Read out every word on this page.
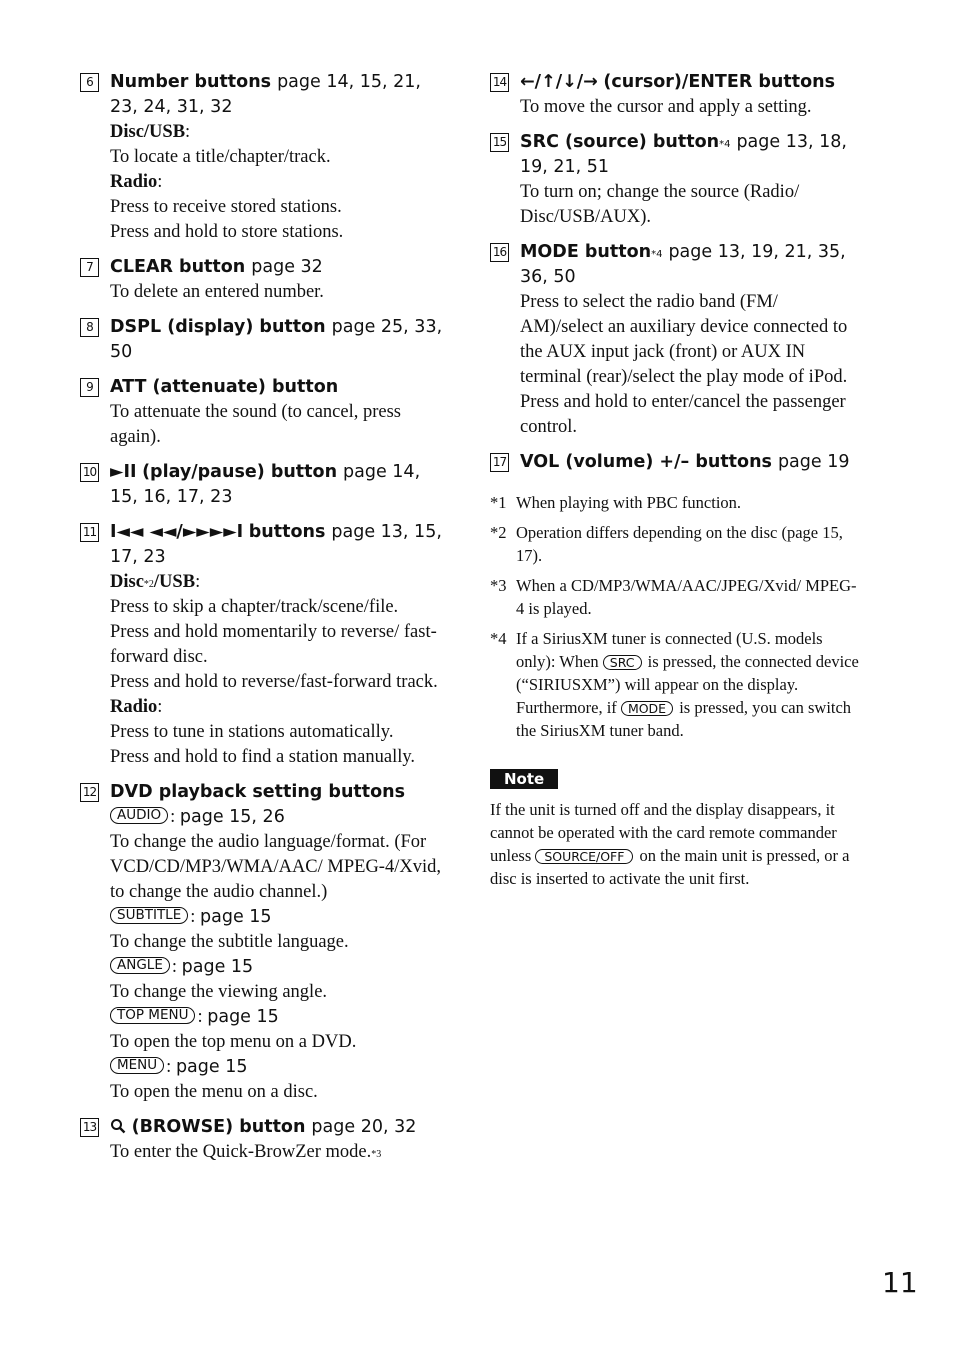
6 Number buttons page 14, 15, 21, 23, 24, 31, 32
Disc/USB:
To locate a title/chapter/track.
Radio:
Press to receive stored stations.
Press and hold to store stations.
7 CLEAR button page 32
To delete an entered number.
8 DSPL (display) button page 25, 33, 50
9 ATT (attenuate) button
To attenuate the sound (to cancel, press again).
10 ►II (play/pause) button page 14, 15, 16, 17, 23
11 I◄◄ ◄◄/►►►►I buttons page 13, 15, 17, 23
Disc$^{*2}$/USB:
Press to skip a chapter/track/scene/file.
Press and hold momentarily to reverse/ fast-forward disc.
Press and hold to reverse/fast-forward track.
Radio:
Press to tune in stations automatically.
Press and hold to find a station manually.
12 DVD playback setting buttons
AUDIO : page 15, 26
To change the audio language/format. (For VCD/CD/MP3/WMA/AAC/ MPEG-4/Xvid, to change the audio channel.)
SUBTITLE : page 15
To change the subtitle language.
ANGLE : page 15
To change the viewing angle.
TOP MENU : page 15
To open the top menu on a DVD.
MENU : page 15
To open the menu on a disc.
13	(BROWSE) button page 20, 32
To enter the Quick-BrowZer mode.$^{*3}$
14 ←/↑/↓/→ (cursor)/ENTER buttons
To move the cursor and apply a setting.
15 SRC (source) button$^{*4}$ page 13, 18, 19, 21, 51
To turn on; change the source (Radio/ Disc/USB/AUX).
16 MODE button$^{*4}$ page 13, 19, 21, 35, 36, 50
Press to select the radio band (FM/ AM)/select an auxiliary device connected to the AUX input jack (front) or AUX IN terminal (rear)/select the play mode of iPod.
Press and hold to enter/cancel the passenger control.
17 VOL (volume) +/– buttons page 19
*1 When playing with PBC function.
*2 Operation differs depending on the disc (page 15, 17).
*3 When a CD/MP3/WMA/AAC/JPEG/Xvid/ MPEG-4 is played.
*4 If a SiriusXM tuner is connected (U.S. models only): When SRC is pressed, the connected device (“SIRIUSXM”) will appear on the display. Furthermore, if MODE is pressed, you can switch the SiriusXM tuner band.
Note
If the unit is turned off and the display disappears, it cannot be operated with the card remote commander unless SOURCE/OFF on the main unit is pressed, or a disc is inserted to activate the unit first.
11
